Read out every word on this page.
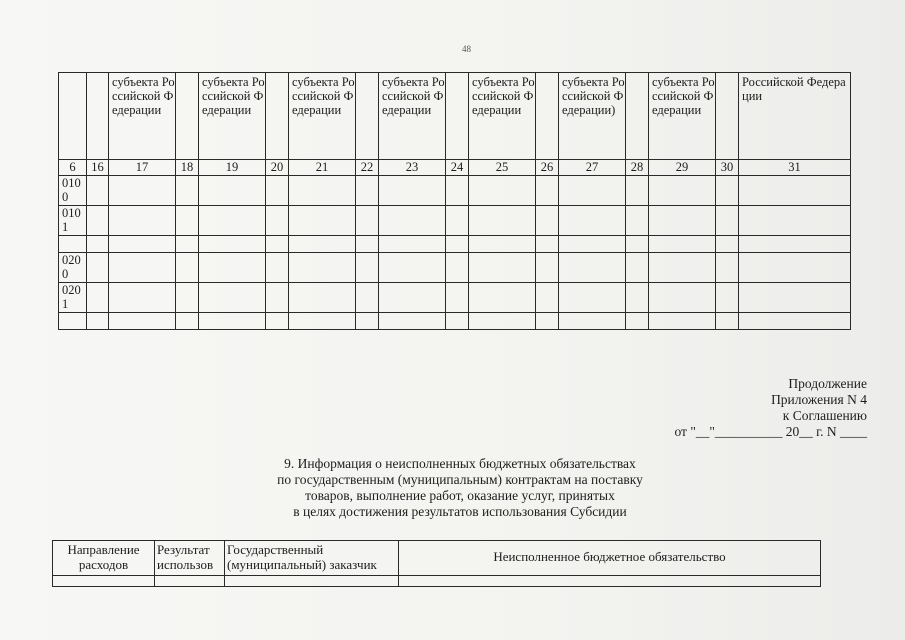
48
		субъекта Российской Федерации		субъекта Российской Федерации		субъекта Российской Федерации		субъекта Российской Федерации		субъекта Российской Федерации		субъекта Российской Федерации)		субъекта Российской Федерации		Российской Федерации
6	16	17	18	19	20	21	22	23	24	25	26	27	28	29	30	31
0100																
0101																

0200																
0201																

Продолжение
Приложения N 4
к Соглашению
от "__"__________ 20__ г. N ____
9. Информация о неисполненных бюджетных обязательствах
по государственным (муниципальным) контрактам на поставку
товаров, выполнение работ, оказание услуг, принятых
в целях достижения результатов использования Субсидии
Направление расходов	Результат использов	Государственный (муниципальный) заказчик	Неисполненное бюджетное обязательство
